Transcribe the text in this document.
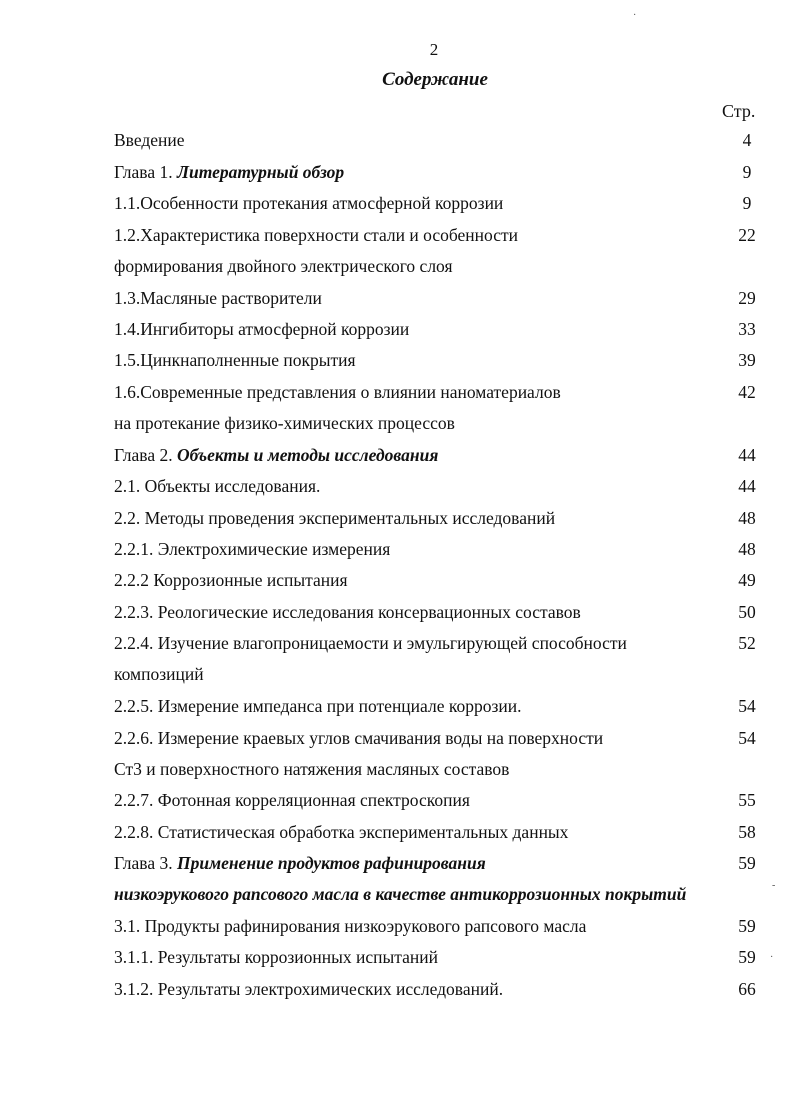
2
Содержание
Стр.
Введение	4
Глава 1. Литературный обзор	9
1.1.Особенности протекания атмосферной коррозии	9
1.2.Характеристика поверхности стали и особенности	22
формирования двойного электрического слоя
1.3.Масляные растворители	29
1.4.Ингибиторы атмосферной коррозии	33
1.5.Цинкнаполненные покрытия	39
1.6.Современные представления о влиянии наноматериалов	42
на протекание физико-химических процессов
Глава 2. Объекты и методы исследования	44
2.1. Объекты исследования.	44
2.2. Методы проведения экспериментальных исследований	48
2.2.1. Электрохимические измерения	48
2.2.2 Коррозионные испытания	49
2.2.3. Реологические исследования консервационных составов	50
2.2.4. Изучение влагопроницаемости и эмульгирующей способности	52
композиций
2.2.5. Измерение импеданса при потенциале коррозии.	54
2.2.6. Измерение краевых углов смачивания воды на поверхности	54
Ст3 и поверхностного натяжения масляных составов
2.2.7. Фотонная корреляционная спектроскопия	55
2.2.8. Статистическая обработка экспериментальных данных	58
Глава 3. Применение продуктов рафинирования	59
низкоэрукового рапсового масла в качестве антикоррозионных покрытий
3.1. Продукты рафинирования низкоэрукового рапсового масла	59
3.1.1. Результаты коррозионных испытаний	59
3.1.2. Результаты электрохимических исследований.	66
·
-
·
